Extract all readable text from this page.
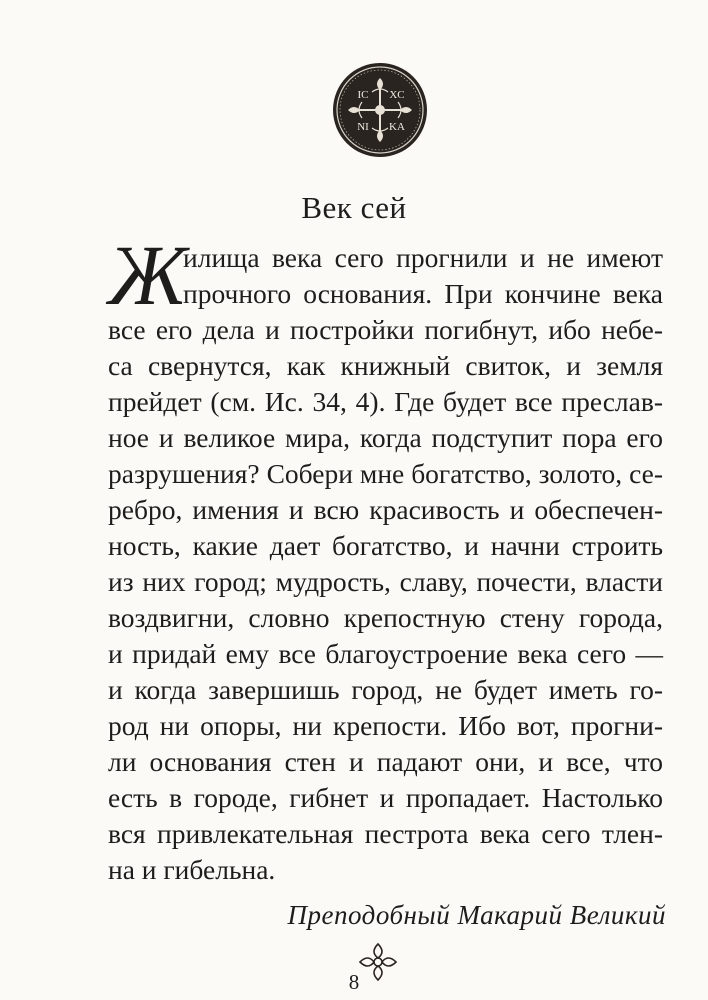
IC XC
NI KA
Век сей
Ж
илища века сего прогнили и не имеют
прочного основания. При кончине века
все его дела и постройки погибнут, ибо небе-
са свернутся, как книжный свиток, и земля
прейдет (см. Ис. 34, 4). Где будет все преслав-
ное и великое мира, когда подступит пора его
разрушения? Собери мне богатство, золото, се-
ребро, имения и всю красивость и обеспечен-
ность, какие дает богатство, и начни строить
из них город; мудрость, славу, почести, власти
воздвигни, словно крепостную стену города,
и придай ему все благоустроение века сего —
и когда завершишь город, не будет иметь го-
род ни опоры, ни крепости. Ибо вот, прогни-
ли основания стен и падают они, и все, что
есть в городе, гибнет и пропадает. Настолько
вся привлекательная пестрота века сего тлен-
на и гибельна.
Преподобный Макарий Великий
8
